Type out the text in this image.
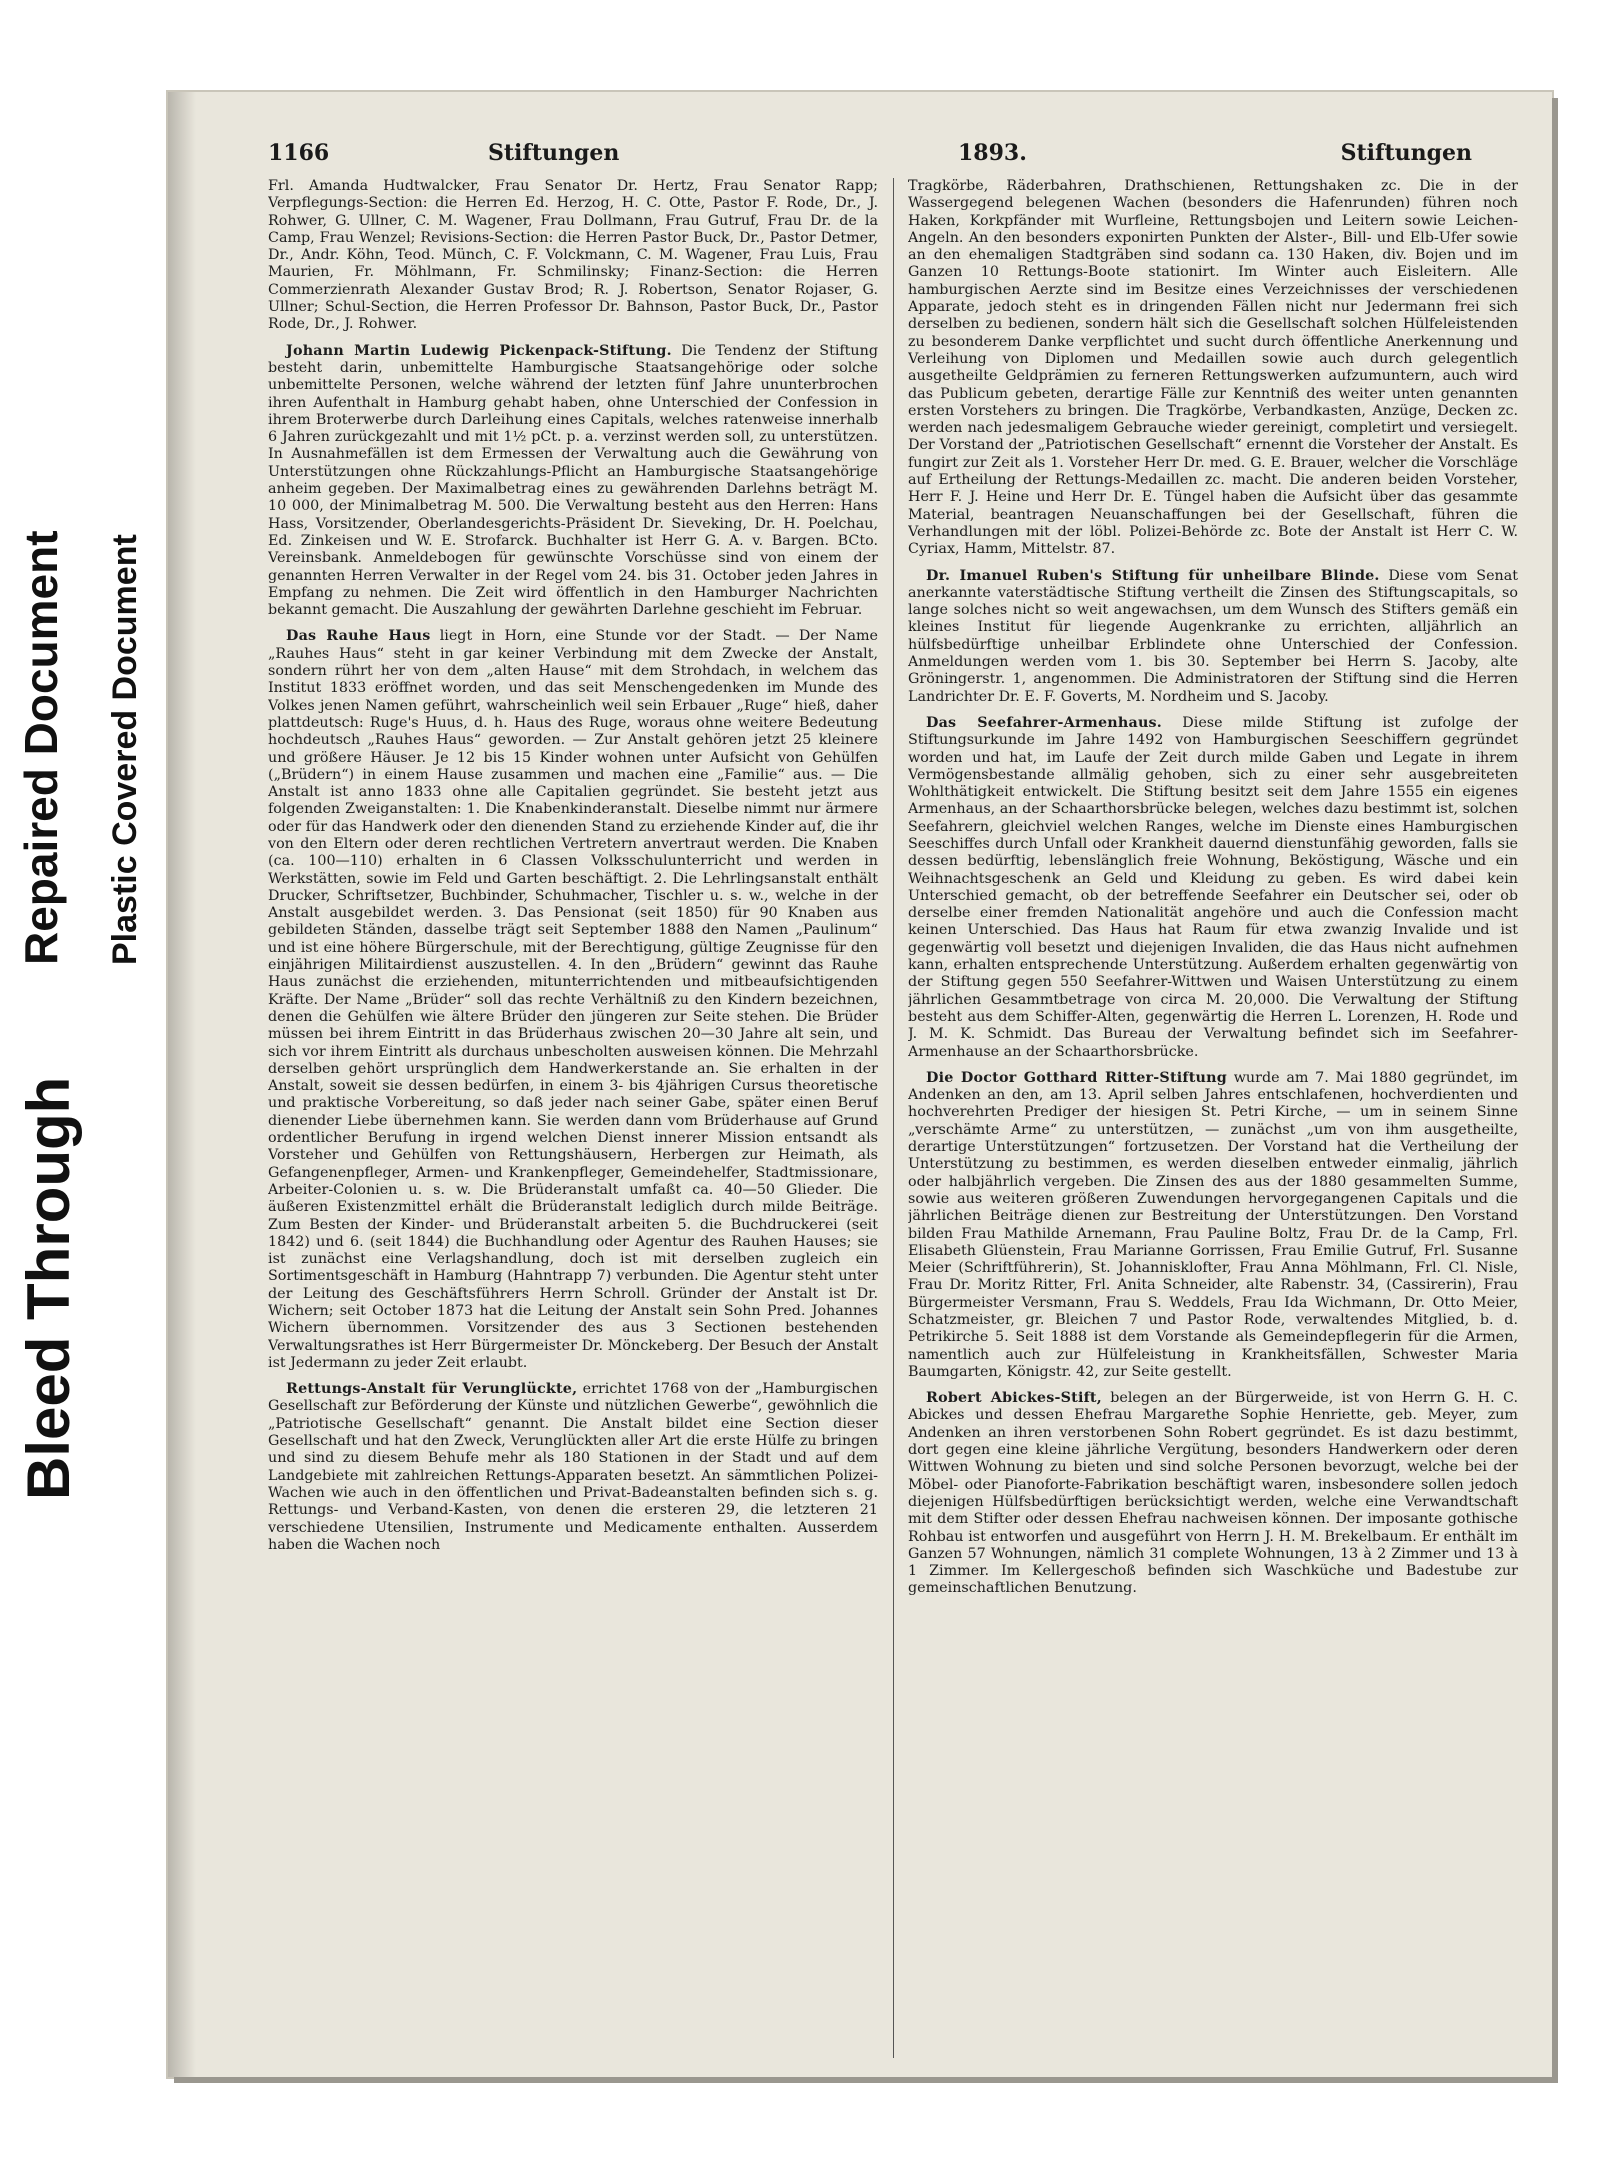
Bleed Through
Repaired Document Plastic Covered Document
1166	Stiftungen	1893.	Stiftungen

Frl. Amanda Hudtwalcker, Frau Senator Dr. Hertz, Frau Senator Rapp; Verpflegungs-Section: die Herren Ed. Herzog, H. C. Otte, Pastor F. Rode, Dr., J. Rohwer, G. Ullner, C. M. Wagener, Frau Dollmann, Frau Gutruf, Frau Dr. de la Camp, Frau Wenzel; Revisions-Section: die Herren Pastor Buck, Dr., Pastor Detmer, Dr., Andr. Köhn, Teod. Münch, C. F. Volckmann, C. M. Wagener, Frau Luis, Frau Maurien, Fr. Möhlmann, Fr. Schmilinsky; Finanz-Section: die Herren Commerzienrath Alexander Gustav Brod; R. J. Robertson, Senator Rojaser, G. Ullner; Schul-Section, die Herren Professor Dr. Bahnson, Pastor Buck, Dr., Pastor Rode, Dr., J. Rohwer.

Johann Martin Ludewig Pickenpack-Stiftung. Die Tendenz der Stiftung besteht darin, unbemittelte Hamburgische Staatsangehörige oder solche unbemittelte Personen, welche während der letzten fünf Jahre ununterbrochen ihren Aufenthalt in Hamburg gehabt haben, ohne Unterschied der Confession in ihrem Broterwerbe durch Darleihung eines Capitals, welches ratenweise innerhalb 6 Jahren zurückgezahlt und mit 1½ pCt. p. a. verzinst werden soll, zu unterstützen. In Ausnahmefällen ist dem Ermessen der Verwaltung auch die Gewährung von Unterstützungen ohne Rückzahlungs-Pflicht an Hamburgische Staatsangehörige anheim gegeben. Der Maximalbetrag eines zu gewährenden Darlehns beträgt M. 10 000, der Minimalbetrag M. 500. Die Verwaltung besteht aus den Herren: Hans Hass, Vorsitzender, Oberlandesgerichts-Präsident Dr. Sieveking, Dr. H. Poelchau, Ed. Zinkeisen und W. E. Strofarck. Buchhalter ist Herr G. A. v. Bargen. BCto. Vereinsbank. Anmeldebogen für gewünschte Vorschüsse sind von einem der genannten Herren Verwalter in der Regel vom 24. bis 31. October jeden Jahres in Empfang zu nehmen. Die Zeit wird öffentlich in den Hamburger Nachrichten bekannt gemacht. Die Auszahlung der gewährten Darlehne geschieht im Februar.

Das Rauhe Haus liegt in Horn, eine Stunde vor der Stadt. — Der Name „Rauhes Haus“ steht in gar keiner Verbindung mit dem Zwecke der Anstalt, sondern rührt her von dem „alten Hause“ mit dem Strohdach, in welchem das Institut 1833 eröffnet worden, und das seit Menschengedenken im Munde des Volkes jenen Namen geführt, wahrscheinlich weil sein Erbauer „Ruge“ hieß, daher plattdeutsch: Ruge's Huus, d. h. Haus des Ruge, woraus ohne weitere Bedeutung hochdeutsch „Rauhes Haus“ geworden. — Zur Anstalt gehören jetzt 25 kleinere und größere Häuser. Je 12 bis 15 Kinder wohnen unter Aufsicht von Gehülfen („Brüdern“) in einem Hause zusammen und machen eine „Familie“ aus. — Die Anstalt ist anno 1833 ohne alle Capitalien gegründet. Sie besteht jetzt aus folgenden Zweiganstalten: 1. Die Knabenkinderanstalt. Dieselbe nimmt nur ärmere oder für das Handwerk oder den dienenden Stand zu erziehende Kinder auf, die ihr von den Eltern oder deren rechtlichen Vertretern anvertraut werden. Die Knaben (ca. 100—110) erhalten in 6 Classen Volksschulunterricht und werden in Werkstätten, sowie im Feld und Garten beschäftigt. 2. Die Lehrlingsanstalt enthält Drucker, Schriftsetzer, Buchbinder, Schuhmacher, Tischler u. s. w., welche in der Anstalt ausgebildet werden. 3. Das Pensionat (seit 1850) für 90 Knaben aus gebildeten Ständen, dasselbe trägt seit September 1888 den Namen „Paulinum“ und ist eine höhere Bürgerschule, mit der Berechtigung, gültige Zeugnisse für den einjährigen Militairdienst auszustellen. 4. In den „Brüdern“ gewinnt das Rauhe Haus zunächst die erziehenden, mitunterrichtenden und mitbeaufsichtigenden Kräfte. Der Name „Brüder“ soll das rechte Verhältniß zu den Kindern bezeichnen, denen die Gehülfen wie ältere Brüder den jüngeren zur Seite stehen. Die Brüder müssen bei ihrem Eintritt in das Brüderhaus zwischen 20—30 Jahre alt sein, und sich vor ihrem Eintritt als durchaus unbescholten ausweisen können. Die Mehrzahl derselben gehört ursprünglich dem Handwerkerstande an. Sie erhalten in der Anstalt, soweit sie dessen bedürfen, in einem 3- bis 4jährigen Cursus theoretische und praktische Vorbereitung, so daß jeder nach seiner Gabe, später einen Beruf dienender Liebe übernehmen kann. Sie werden dann vom Brüderhause auf Grund ordentlicher Berufung in irgend welchen Dienst innerer Mission entsandt als Vorsteher und Gehülfen von Rettungshäusern, Herbergen zur Heimath, als Gefangenenpfleger, Armen- und Krankenpfleger, Gemeindehelfer, Stadtmissionare, Arbeiter-Colonien u. s. w. Die Brüderanstalt umfaßt ca. 40—50 Glieder. Die äußeren Existenzmittel erhält die Brüderanstalt lediglich durch milde Beiträge. Zum Besten der Kinder- und Brüderanstalt arbeiten 5. die Buchdruckerei (seit 1842) und 6. (seit 1844) die Buchhandlung oder Agentur des Rauhen Hauses; sie ist zunächst eine Verlagshandlung, doch ist mit derselben zugleich ein Sortimentsgeschäft in Hamburg (Hahntrapp 7) verbunden. Die Agentur steht unter der Leitung des Geschäftsführers Herrn Schroll. Gründer der Anstalt ist Dr. Wichern; seit October 1873 hat die Leitung der Anstalt sein Sohn Pred. Johannes Wichern übernommen. Vorsitzender des aus 3 Sectionen bestehenden Verwaltungsrathes ist Herr Bürgermeister Dr. Mönckeberg. Der Besuch der Anstalt ist Jedermann zu jeder Zeit erlaubt.

Rettungs-Anstalt für Verunglückte, errichtet 1768 von der „Hamburgischen Gesellschaft zur Beförderung der Künste und nützlichen Gewerbe“, gewöhnlich die „Patriotische Gesellschaft“ genannt. Die Anstalt bildet eine Section dieser Gesellschaft und hat den Zweck, Verunglückten aller Art die erste Hülfe zu bringen und sind zu diesem Behufe mehr als 180 Stationen in der Stadt und auf dem Landgebiete mit zahlreichen Rettungs-Apparaten besetzt. An sämmtlichen Polizei-Wachen wie auch in den öffentlichen und Privat-Badeanstalten befinden sich s. g. Rettungs- und Verband-Kasten, von denen die ersteren 29, die letzteren 21 verschiedene Utensilien, Instrumente und Medicamente enthalten. Ausserdem haben die Wachen noch

Tragkörbe, Räderbahren, Drathschienen, Rettungshaken zc. Die in der Wassergegend belegenen Wachen (besonders die Hafenrunden) führen noch Haken, Korkpfänder mit Wurfleine, Rettungsbojen und Leitern sowie Leichen-Angeln. An den besonders exponirten Punkten der Alster-, Bill- und Elb-Ufer sowie an den ehemaligen Stadtgräben sind sodann ca. 130 Haken, div. Bojen und im Ganzen 10 Rettungs-Boote stationirt. Im Winter auch Eisleitern. Alle hamburgischen Aerzte sind im Besitze eines Verzeichnisses der verschiedenen Apparate, jedoch steht es in dringenden Fällen nicht nur Jedermann frei sich derselben zu bedienen, sondern hält sich die Gesellschaft solchen Hülfeleistenden zu besonderem Danke verpflichtet und sucht durch öffentliche Anerkennung und Verleihung von Diplomen und Medaillen sowie auch durch gelegentlich ausgetheilte Geldprämien zu ferneren Rettungswerken aufzumuntern, auch wird das Publicum gebeten, derartige Fälle zur Kenntniß des weiter unten genannten ersten Vorstehers zu bringen. Die Tragkörbe, Verbandkasten, Anzüge, Decken zc. werden nach jedesmaligem Gebrauche wieder gereinigt, completirt und versiegelt. Der Vorstand der „Patriotischen Gesellschaft“ ernennt die Vorsteher der Anstalt. Es fungirt zur Zeit als 1. Vorsteher Herr Dr. med. G. E. Brauer, welcher die Vorschläge auf Ertheilung der Rettungs-Medaillen zc. macht. Die anderen beiden Vorsteher, Herr F. J. Heine und Herr Dr. E. Tüngel haben die Aufsicht über das gesammte Material, beantragen Neuanschaffungen bei der Gesellschaft, führen die Verhandlungen mit der löbl. Polizei-Behörde zc. Bote der Anstalt ist Herr C. W. Cyriax, Hamm, Mittelstr. 87.

Dr. Imanuel Ruben's Stiftung für unheilbare Blinde. Diese vom Senat anerkannte vaterstädtische Stiftung vertheilt die Zinsen des Stiftungscapitals, so lange solches nicht so weit angewachsen, um dem Wunsch des Stifters gemäß ein kleines Institut für liegende Augenkranke zu errichten, alljährlich an hülfsbedürftige unheilbar Erblindete ohne Unterschied der Confession. Anmeldungen werden vom 1. bis 30. September bei Herrn S. Jacoby, alte Gröningerstr. 1, angenommen. Die Administratoren der Stiftung sind die Herren Landrichter Dr. E. F. Goverts, M. Nordheim und S. Jacoby.

Das Seefahrer-Armenhaus. Diese milde Stiftung ist zufolge der Stiftungsurkunde im Jahre 1492 von Hamburgischen Seeschiffern gegründet worden und hat, im Laufe der Zeit durch milde Gaben und Legate in ihrem Vermögensbestande allmälig gehoben, sich zu einer sehr ausgebreiteten Wohlthätigkeit entwickelt. Die Stiftung besitzt seit dem Jahre 1555 ein eigenes Armenhaus, an der Schaarthorsbrücke belegen, welches dazu bestimmt ist, solchen Seefahrern, gleichviel welchen Ranges, welche im Dienste eines Hamburgischen Seeschiffes durch Unfall oder Krankheit dauernd dienstunfähig geworden, falls sie dessen bedürftig, lebenslänglich freie Wohnung, Beköstigung, Wäsche und ein Weihnachtsgeschenk an Geld und Kleidung zu geben. Es wird dabei kein Unterschied gemacht, ob der betreffende Seefahrer ein Deutscher sei, oder ob derselbe einer fremden Nationalität angehöre und auch die Confession macht keinen Unterschied. Das Haus hat Raum für etwa zwanzig Invalide und ist gegenwärtig voll besetzt und diejenigen Invaliden, die das Haus nicht aufnehmen kann, erhalten entsprechende Unterstützung. Außerdem erhalten gegenwärtig von der Stiftung gegen 550 Seefahrer-Wittwen und Waisen Unterstützung zu einem jährlichen Gesammtbetrage von circa M. 20,000. Die Verwaltung der Stiftung besteht aus dem Schiffer-Alten, gegenwärtig die Herren L. Lorenzen, H. Rode und J. M. K. Schmidt. Das Bureau der Verwaltung befindet sich im Seefahrer-Armenhause an der Schaarthorsbrücke.

Die Doctor Gotthard Ritter-Stiftung wurde am 7. Mai 1880 gegründet, im Andenken an den, am 13. April selben Jahres entschlafenen, hochverdienten und hochverehrten Prediger der hiesigen St. Petri Kirche, — um in seinem Sinne „verschämte Arme“ zu unterstützen, — zunächst „um von ihm ausgetheilte, derartige Unterstützungen“ fortzusetzen. Der Vorstand hat die Vertheilung der Unterstützung zu bestimmen, es werden dieselben entweder einmalig, jährlich oder halbjährlich vergeben. Die Zinsen des aus der 1880 gesammelten Summe, sowie aus weiteren größeren Zuwendungen hervorgegangenen Capitals und die jährlichen Beiträge dienen zur Bestreitung der Unterstützungen. Den Vorstand bilden Frau Mathilde Arnemann, Frau Pauline Boltz, Frau Dr. de la Camp, Frl. Elisabeth Glüenstein, Frau Marianne Gorrissen, Frau Emilie Gutruf, Frl. Susanne Meier (Schriftführerin), St. Johannisklofter, Frau Anna Möhlmann, Frl. Cl. Nisle, Frau Dr. Moritz Ritter, Frl. Anita Schneider, alte Rabenstr. 34, (Cassirerin), Frau Bürgermeister Versmann, Frau S. Weddels, Frau Ida Wichmann, Dr. Otto Meier, Schatzmeister, gr. Bleichen 7 und Pastor Rode, verwaltendes Mitglied, b. d. Petrikirche 5. Seit 1888 ist dem Vorstande als Gemeindepflegerin für die Armen, namentlich auch zur Hülfeleistung in Krankheitsfällen, Schwester Maria Baumgarten, Königstr. 42, zur Seite gestellt.

Robert Abickes-Stift, belegen an der Bürgerweide, ist von Herrn G. H. C. Abickes und dessen Ehefrau Margarethe Sophie Henriette, geb. Meyer, zum Andenken an ihren verstorbenen Sohn Robert gegründet. Es ist dazu bestimmt, dort gegen eine kleine jährliche Vergütung, besonders Handwerkern oder deren Wittwen Wohnung zu bieten und sind solche Personen bevorzugt, welche bei der Möbel- oder Pianoforte-Fabrikation beschäftigt waren, insbesondere sollen jedoch diejenigen Hülfsbedürftigen berücksichtigt werden, welche eine Verwandtschaft mit dem Stifter oder dessen Ehefrau nachweisen können. Der imposante gothische Rohbau ist entworfen und ausgeführt von Herrn J. H. M. Brekelbaum. Er enthält im Ganzen 57 Wohnungen, nämlich 31 complete Wohnungen, 13 à 2 Zimmer und 13 à 1 Zimmer. Im Kellergeschoß befinden sich Waschküche und Badestube zur gemeinschaftlichen Benutzung.
